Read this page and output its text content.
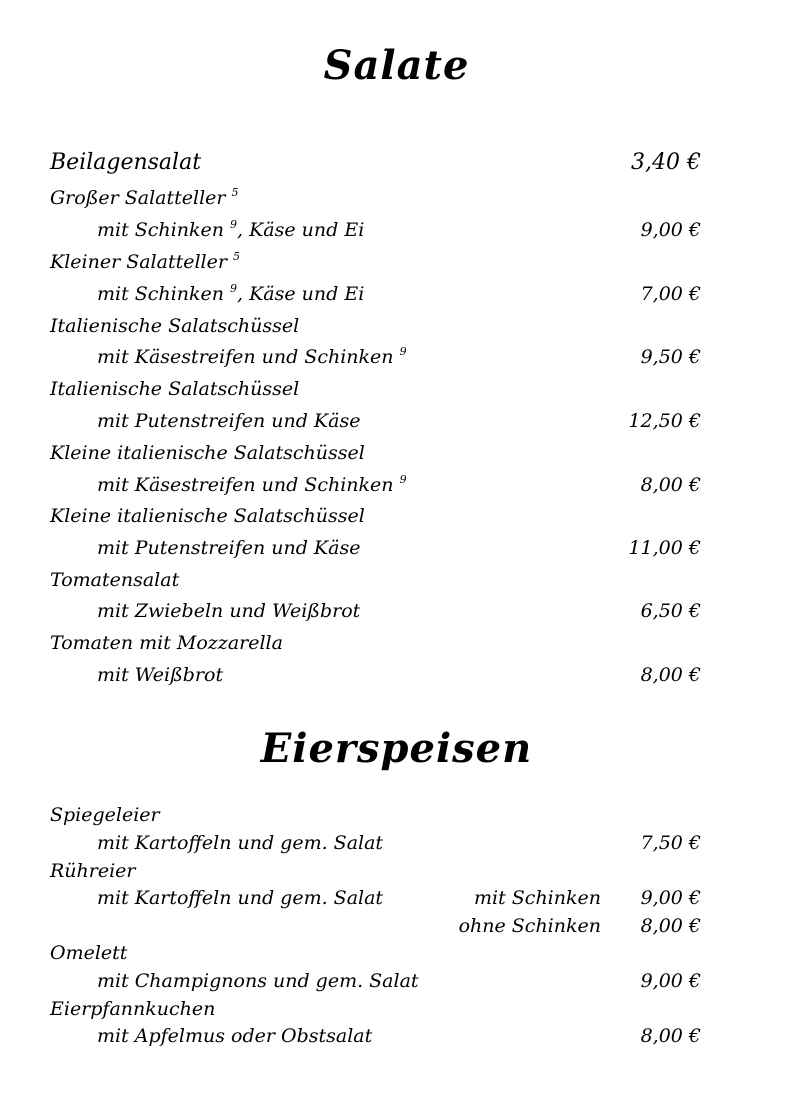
Salate
Beilagensalat	3,40 €
Großer Salatteller $^5$
mit Schinken $^9$, Käse und Ei	9,00 €
Kleiner Salatteller $^5$
mit Schinken $^9$, Käse und Ei	7,00 €
Italienische Salatschüssel
mit Käsestreifen und Schinken $^9$	9,50 €
Italienische Salatschüssel
mit Putenstreifen und Käse	12,50 €
Kleine italienische Salatschüssel
mit Käsestreifen und Schinken $^9$	8,00 €
Kleine italienische Salatschüssel
mit Putenstreifen und Käse	11,00 €
Tomatensalat
mit Zwiebeln und Weißbrot	6,50 €
Tomaten mit Mozzarella
mit Weißbrot	8,00 €
Eierspeisen
Spiegeleier
mit Kartoffeln und gem. Salat	7,50 €
Rühreier
mit Kartoffeln und gem. Salat	mit Schinken 9,00 €
ohne Schinken 8,00 €
Omelett
mit Champignons und gem. Salat	9,00 €
Eierpfannkuchen
mit Apfelmus oder Obstsalat	8,00 €
